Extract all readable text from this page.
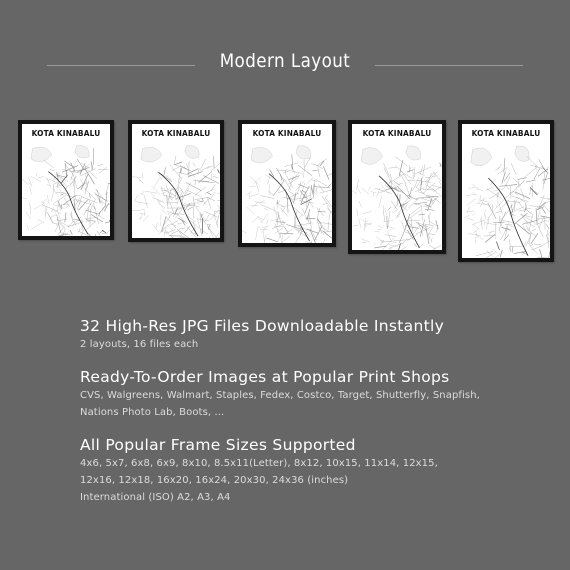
Modern Layout
KOTA KINABALU	KOTA KINABALU	KOTA KINABALU	KOTA KINABALU	KOTA KINABALU
32 High-Res JPG Files Downloadable Instantly
2 layouts, 16 files each
Ready-To-Order Images at Popular Print Shops
CVS, Walgreens, Walmart, Staples, Fedex, Costco, Target, Shutterfly, Snapfish,
Nations Photo Lab, Boots, ...
All Popular Frame Sizes Supported
4x6, 5x7, 6x8, 6x9, 8x10, 8.5x11(Letter), 8x12, 10x15, 11x14, 12x15,
12x16, 12x18, 16x20, 16x24, 20x30, 24x36 (inches)
International (ISO) A2, A3, A4
